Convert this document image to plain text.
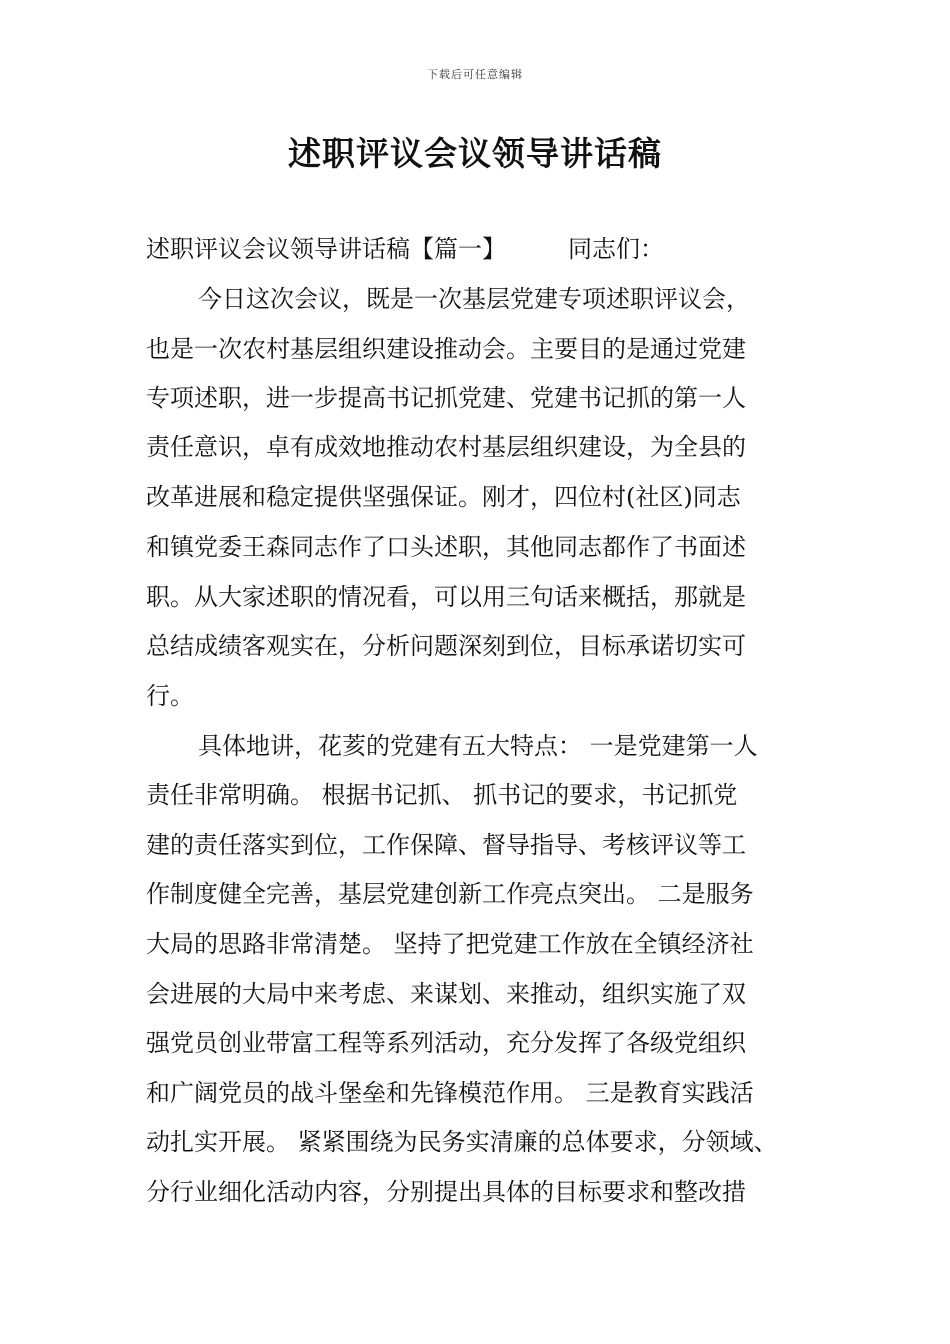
下载后可任意编辑
述职评议会议领导讲话稿
述职评议会议领导讲话稿【篇一】	同志们：
今日这次会议，既是一次基层党建专项述职评议会，
也是一次农村基层组织建设推动会。主要目的是通过党建
专项述职，进一步提高书记抓党建、党建书记抓的第一人
责任意识，卓有成效地推动农村基层组织建设，为全县的
改革进展和稳定提供坚强保证。刚才，四位村(社区)同志
和镇党委王森同志作了口头述职，其他同志都作了书面述
职。从大家述职的情况看，可以用三句话来概括，那就是
总结成绩客观实在，分析问题深刻到位，目标承诺切实可
行。
具体地讲，花荄的党建有五大特点： 一是党建第一人
责任非常明确。 根据书记抓、 抓书记的要求，书记抓党
建的责任落实到位，工作保障、督导指导、考核评议等工
作制度健全完善，基层党建创新工作亮点突出。 二是服务
大局的思路非常清楚。 坚持了把党建工作放在全镇经济社
会进展的大局中来考虑、来谋划、来推动，组织实施了双
强党员创业带富工程等系列活动，充分发挥了各级党组织
和广阔党员的战斗堡垒和先锋模范作用。 三是教育实践活
动扎实开展。 紧紧围绕为民务实清廉的总体要求，分领域、
分行业细化活动内容，分别提出具体的目标要求和整改措
